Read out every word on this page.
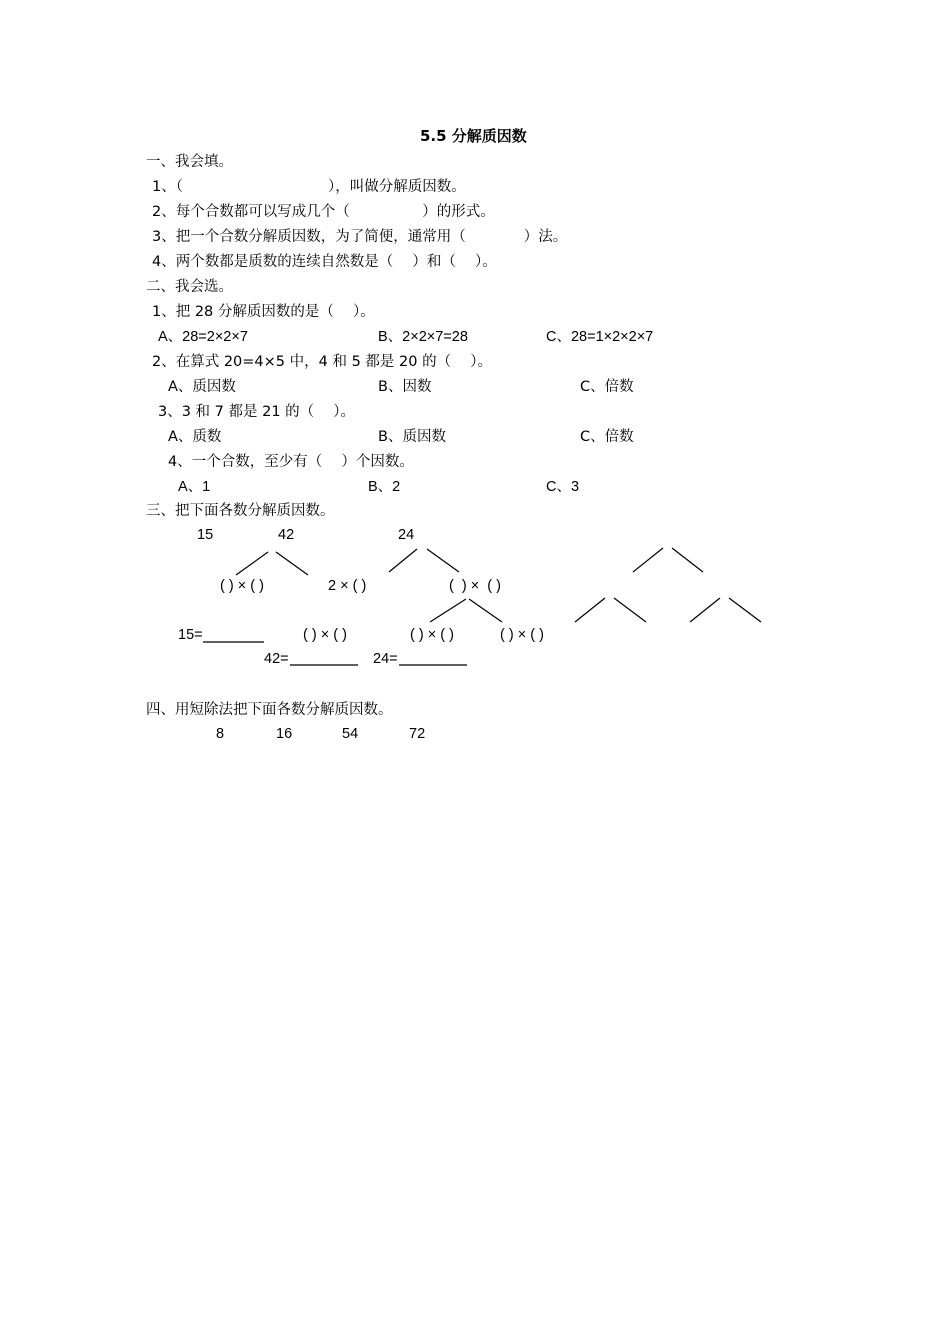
5.5 分解质因数
一、我会填。
1、（　　　　　　　　　　），叫做分解质因数。
2、每个合数都可以写成几个（　　　　　）的形式。
3、把一个合数分解质因数，为了简便，通常用（　　　　）法。
4、两个数都是质数的连续自然数是（　 ）和（　 ）。
二、我会选。
1、把 28 分解质因数的是（　 ）。
A、28=2×2×7	B、2×2×7=28	C、28=1×2×2×7
2、在算式 20=4×5 中，4 和 5 都是 20 的（　 ）。
A、质因数	B、因数	C、倍数
3、3 和 7 都是 21 的（　 ）。
A、质数	B、质因数	C、倍数
4、一个合数，至少有（　 ）个因数。
A、1	B、2	C、3
三、把下面各数分解质因数。
15	42	24
( ) × ( )	2 × ( )	(  ) ×  ( )
15=	( ) × ( )	( ) × ( )	( ) × ( )
42=	24=
四、用短除法把下面各数分解质因数。
8	16	54	72
